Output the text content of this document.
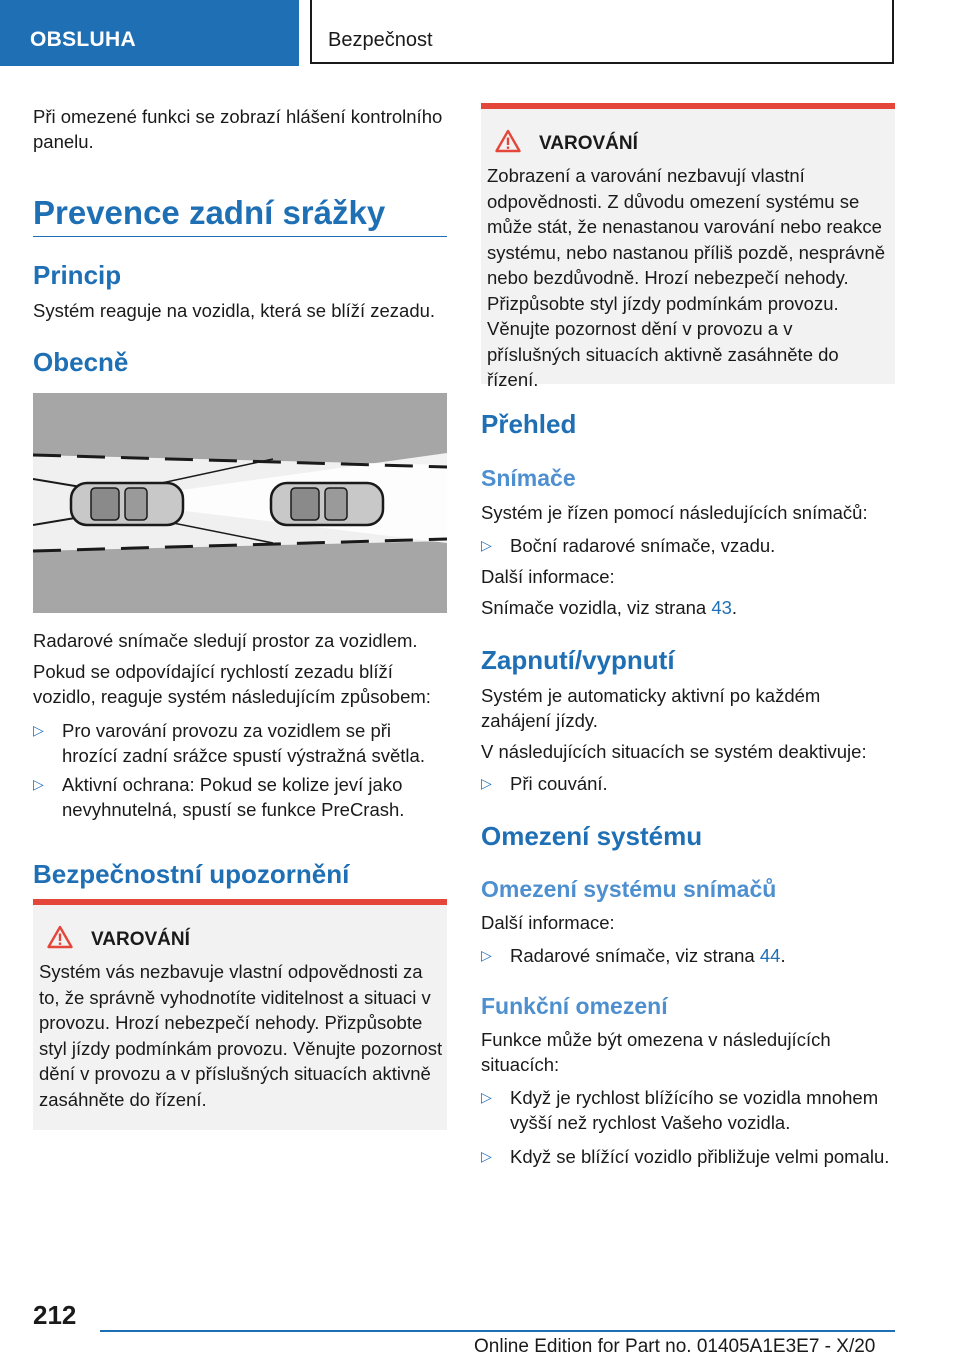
OBSLUHA	Bezpečnost

Při omezené funkci se zobrazí hlášení kontrolního panelu.

Prevence zadní srážky
Princip

Systém reaguje na vozidla, která se blíží zezadu.

Obecně

Radarové snímače sledují prostor za vozidlem.

Pokud se odpovídající rychlostí zezadu blíží vozidlo, reaguje systém následujícím způsobem:

▷ Pro varování provozu za vozidlem se při hrozící zadní srážce spustí výstražná světla.
▷ Aktivní ochrana: Pokud se kolize jeví jako nevyhnutelná, spustí se funkce PreCrash.
Bezpečnostní upozornění
VAROVÁNÍ
Systém vás nezbavuje vlastní odpovědnosti za to, že správně vyhodnotíte viditelnost a situaci v provozu. Hrozí nebezpečí nehody. Přizpůsobte styl jízdy podmínkám provozu. Věnujte pozornost dění v provozu a v příslušných situacích aktivně zasáhněte do řízení.
VAROVÁNÍ
Zobrazení a varování nezbavují vlastní odpovědnosti. Z důvodu omezení systému se může stát, že nenastanou varování nebo reakce systému, nebo nastanou příliš pozdě, nesprávně nebo bezdůvodně. Hrozí nebezpečí nehody. Přizpůsobte styl jízdy podmínkám provozu. Věnujte pozornost dění v provozu a v příslušných situacích aktivně zasáhněte do řízení.
Přehled
Snímače

Systém je řízen pomocí následujících snímačů:

▷ Boční radarové snímače, vzadu.

Další informace:

Snímače vozidla, viz strana 43.

Zapnutí/vypnutí

Systém je automaticky aktivní po každém zahájení jízdy.

V následujících situacích se systém deaktivuje:

▷ Při couvání.
Omezení systému
Omezení systému snímačů

Další informace:

▷ Radarové snímače, viz strana 44.
Funkční omezení

Funkce může být omezena v následujících situacích:

▷ Když je rychlost blížícího se vozidla mnohem vyšší než rychlost Vašeho vozidla.
▷ Když se blížící vozidlo přibližuje velmi pomalu.
212
Online Edition for Part no. 01405A1E3E7 - X/20
